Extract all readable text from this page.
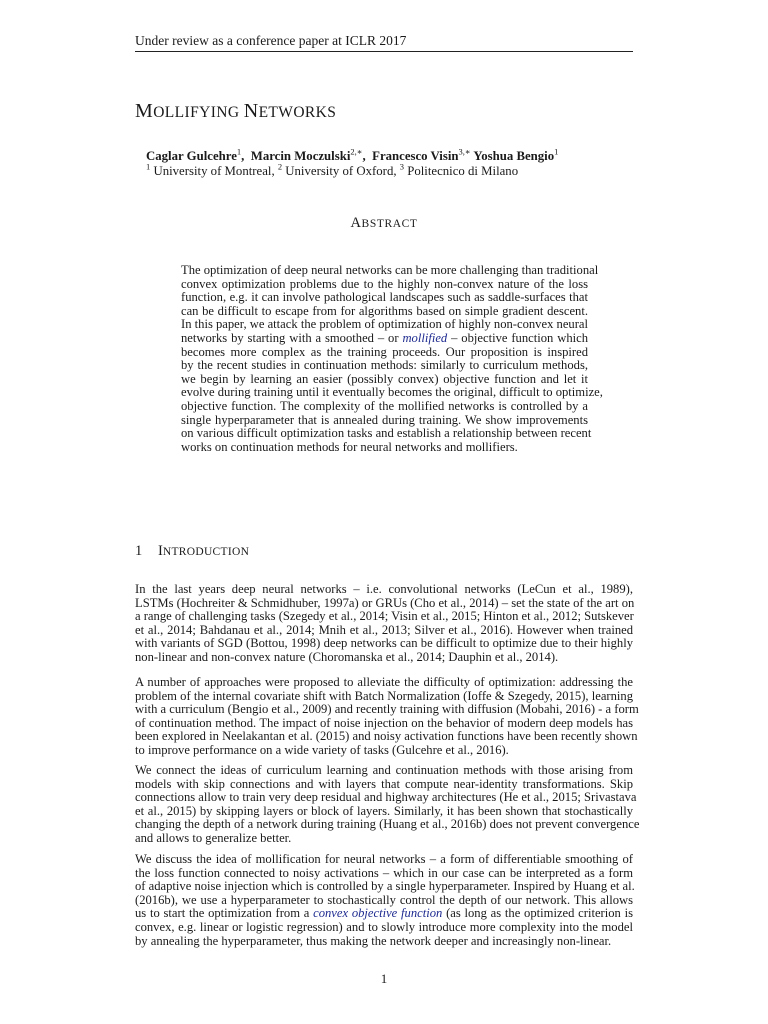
Under review as a conference paper at ICLR 2017
MOLLIFYING NETWORKS
Caglar Gulcehre$^1$,  Marcin Moczulski$^{2,∗}$,  Francesco Visin$^{3,∗}$ Yoshua Bengio$^1$
$^1$ University of Montreal, $^2$ University of Oxford, $^3$ Politecnico di Milano
ABSTRACT
The optimization of deep neural networks can be more challenging than traditional
convex optimization problems due to the highly non-convex nature of the loss
function, e.g. it can involve pathological landscapes such as saddle-surfaces that
can be difficult to escape from for algorithms based on simple gradient descent.
In this paper, we attack the problem of optimization of highly non-convex neural
networks by starting with a smoothed – or mollified – objective function which
becomes more complex as the training proceeds. Our proposition is inspired
by the recent studies in continuation methods: similarly to curriculum methods,
we begin by learning an easier (possibly convex) objective function and let it
evolve during training until it eventually becomes the original, difficult to optimize,
objective function. The complexity of the mollified networks is controlled by a
single hyperparameter that is annealed during training. We show improvements
on various difficult optimization tasks and establish a relationship between recent
works on continuation methods for neural networks and mollifiers.
1 INTRODUCTION
In the last years deep neural networks – i.e. convolutional networks (LeCun et al., 1989),
LSTMs (Hochreiter & Schmidhuber, 1997a) or GRUs (Cho et al., 2014) – set the state of the art on
a range of challenging tasks (Szegedy et al., 2014; Visin et al., 2015; Hinton et al., 2012; Sutskever
et al., 2014; Bahdanau et al., 2014; Mnih et al., 2013; Silver et al., 2016). However when trained
with variants of SGD (Bottou, 1998) deep networks can be difficult to optimize due to their highly
non-linear and non-convex nature (Choromanska et al., 2014; Dauphin et al., 2014).
A number of approaches were proposed to alleviate the difficulty of optimization: addressing the
problem of the internal covariate shift with Batch Normalization (Ioffe & Szegedy, 2015), learning
with a curriculum (Bengio et al., 2009) and recently training with diffusion (Mobahi, 2016) - a form
of continuation method. The impact of noise injection on the behavior of modern deep models has
been explored in Neelakantan et al. (2015) and noisy activation functions have been recently shown
to improve performance on a wide variety of tasks (Gulcehre et al., 2016).
We connect the ideas of curriculum learning and continuation methods with those arising from
models with skip connections and with layers that compute near-identity transformations. Skip
connections allow to train very deep residual and highway architectures (He et al., 2015; Srivastava
et al., 2015) by skipping layers or block of layers. Similarly, it has been shown that stochastically
changing the depth of a network during training (Huang et al., 2016b) does not prevent convergence
and allows to generalize better.
We discuss the idea of mollification for neural networks – a form of differentiable smoothing of
the loss function connected to noisy activations – which in our case can be interpreted as a form
of adaptive noise injection which is controlled by a single hyperparameter. Inspired by Huang et al.
(2016b), we use a hyperparameter to stochastically control the depth of our network. This allows
us to start the optimization from a convex objective function (as long as the optimized criterion is
convex, e.g. linear or logistic regression) and to slowly introduce more complexity into the model
by annealing the hyperparameter, thus making the network deeper and increasingly non-linear.
1
